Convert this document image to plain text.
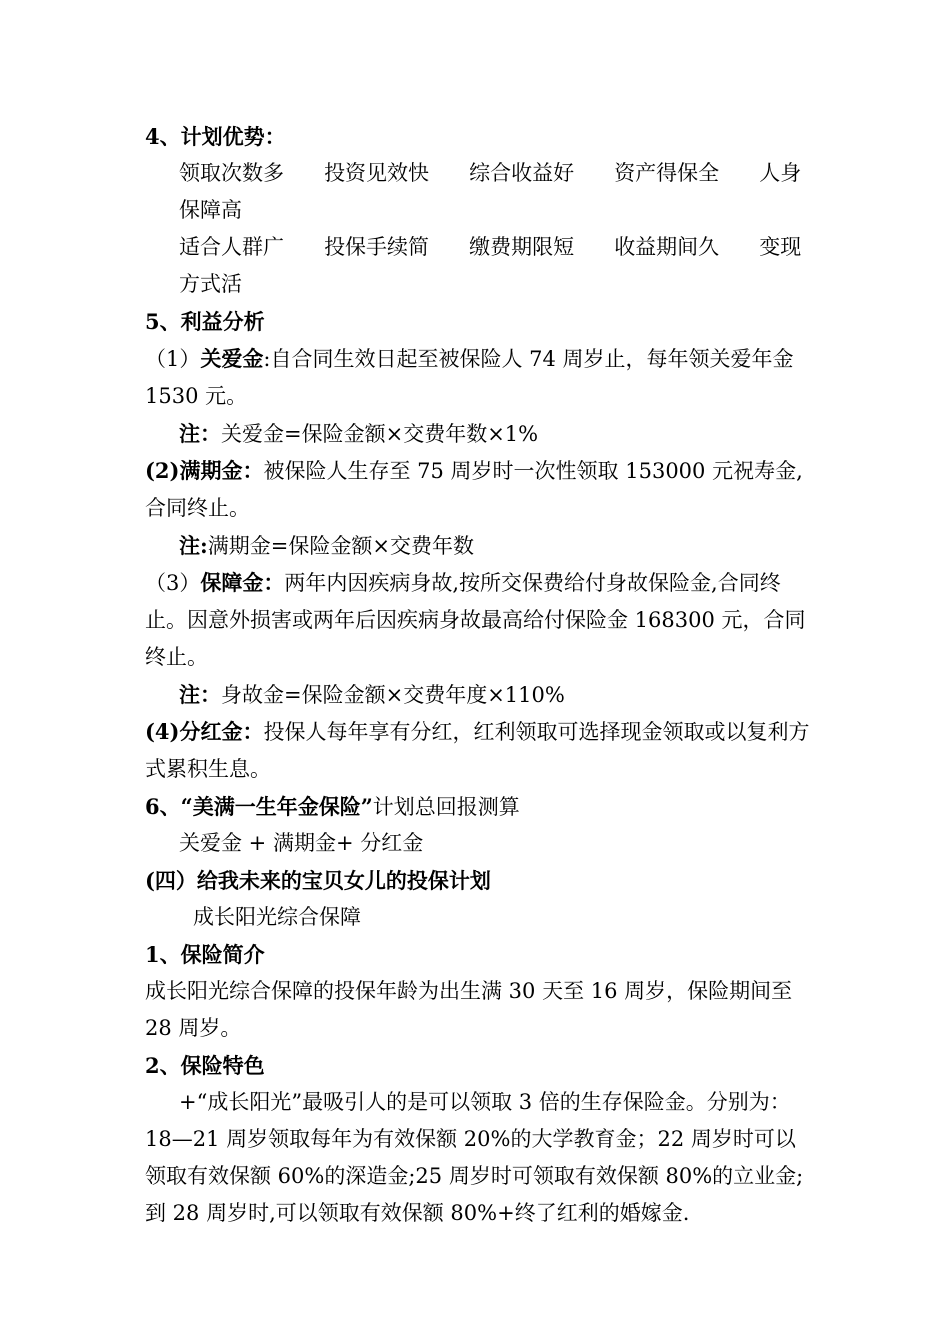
4、计划优势：
领取次数多 投资见效快 综合收益好 资产得保全 人身保障高
适合人群广 投保手续简 缴费期限短 收益期间久 变现方式活
5、利益分析
（1）关爱金:自合同生效日起至被保险人 74 周岁止，每年领关爱年金 1530 元。
注：关爱金=保险金额×交费年数×1%
(2)满期金：被保险人生存至 75 周岁时一次性领取 153000 元祝寿金,合同终止。
注:满期金=保险金额×交费年数
（3）保障金：两年内因疾病身故,按所交保费给付身故保险金,合同终止。因意外损害或两年后因疾病身故最高给付保险金 168300 元，合同终止。
注：身故金=保险金额×交费年度×110%
(4)分红金：投保人每年享有分红，红利领取可选择现金领取或以复利方式累积生息。
6、“美满一生年金保险”计划总回报测算
关爱金 + 满期金+ 分红金
(四）给我未来的宝贝女儿的投保计划
成长阳光综合保障
1、保险简介
成长阳光综合保障的投保年龄为出生满 30 天至 16 周岁，保险期间至 28 周岁。
2、保险特色
+“成长阳光”最吸引人的是可以领取 3 倍的生存保险金。分别为：18—21 周岁领取每年为有效保额 20%的大学教育金；22 周岁时可以领取有效保额 60%的深造金;25 周岁时可领取有效保额 80%的立业金;到 28 周岁时,可以领取有效保额 80%+终了红利的婚嫁金.
